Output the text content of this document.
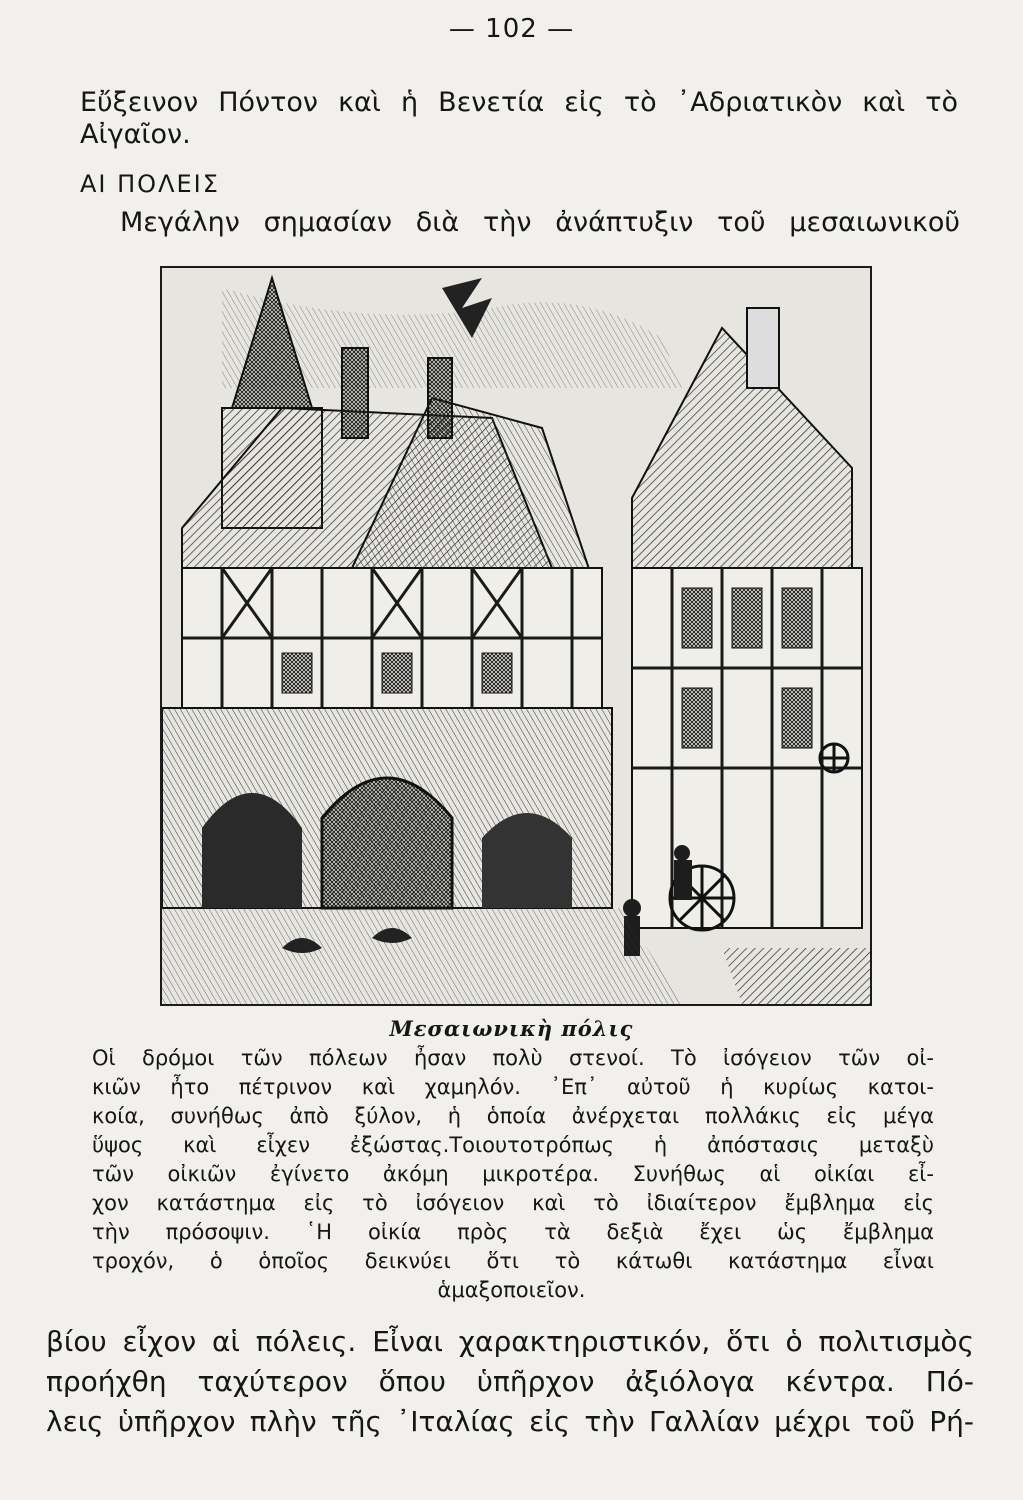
— 102 —
Εὔξεινον Πόντον καὶ ἡ Βενετία εἰς τὸ ᾿Αδριατικὸν καὶ τὸ
Αἰγαῖον.
ΑΙ ΠΟΛΕΙΣ
Μεγάλην σημασίαν διὰ τὴν ἀνάπτυξιν τοῦ μεσαιωνικοῦ
Μεσαιωνικὴ πόλις
Οἱ δρόμοι τῶν πόλεων ἦσαν πολὺ στενοί. Τὸ ἰσόγειον τῶν οἰ-
κιῶν ἦτο πέτρινον καὶ χαμηλόν. ᾿Επ᾿ αὐτοῦ ἡ κυρίως κατοι-
κοία, συνήθως ἀπὸ ξύλον, ἡ ὁποία ἀνέρχεται πολλάκις εἰς μέγα
ὕψος καὶ εἶχεν ἐξώστας.Τοιουτοτρόπως ἡ ἀπόστασις μεταξὺ
τῶν οἰκιῶν ἐγίνετο ἀκόμη μικροτέρα. Συνήθως αἱ οἰκίαι εἶ-
χον κατάστημα εἰς τὸ ἰσόγειον καὶ τὸ ἰδιαίτερον ἔμβλημα εἰς
τὴν πρόσοψιν. ῾Η οἰκία πρὸς τὰ δεξιὰ ἔχει ὡς ἔμβλημα
τροχόν, ὁ ὁποῖος δεικνύει ὅτι τὸ κάτωθι κατάστημα εἶναι
ἁμαξοποιεῖον.
βίου εἶχον αἱ πόλεις. Εἶναι χαρακτηριστικόν, ὅτι ὁ πολιτισμὸς
προήχθη ταχύτερον ὅπου ὑπῆρχον ἀξιόλογα κέντρα. Πό-
λεις ὑπῆρχον πλὴν τῆς ᾿Ιταλίας εἰς τὴν Γαλλίαν μέχρι τοῦ Ρή-
